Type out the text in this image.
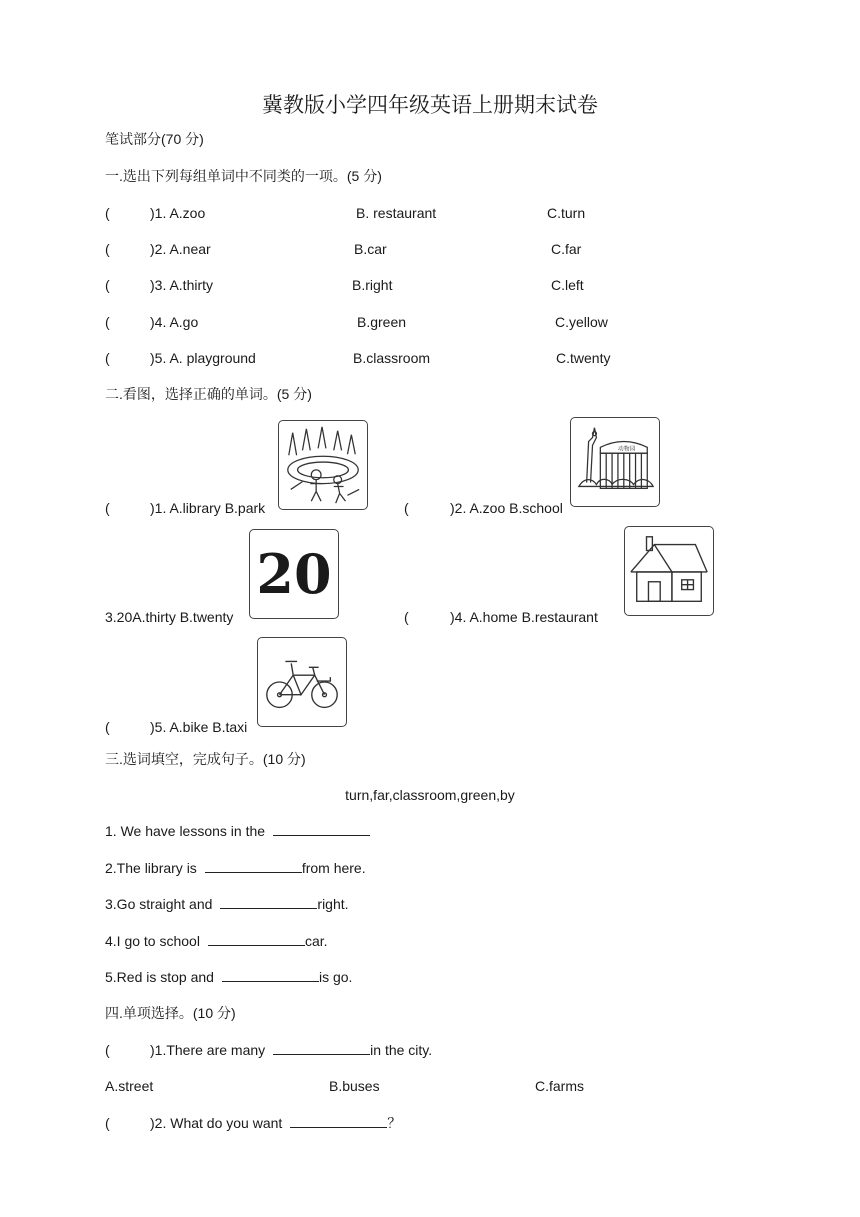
冀教版小学四年级英语上册期末试卷
笔试部分(70 分)
一.选出下列每组单词中不同类的一项。(5 分)
(	)1. A.zoo	B. restaurant	C.turn
(	)2. A.near	B.car	C.far
(	)3. A.thirty	B.right	C.left
(	)4. A.go	B.green	C.yellow
(	)5. A. playground	B.classroom	C.twenty
二.看图，选择正确的单词。(5 分)
(	)1. A.library B.park
动物园
(	)2. A.zoo B.school
20
3.20A.thirty B.twenty	(	)4. A.home B.restaurant
(	)5. A.bike B.taxi
三.选词填空，完成句子。(10 分)
turn,far,classroom,green,by
1. We have lessons in the
2.The library is	from here.
3.Go straight and	right.
4.I go to school	car.
5.Red is stop and	is go.
四.单项选择。(10 分)
(	)1.There are many	in the city.
A.street	B.buses	C.farms
(	)2. What do you want	？
